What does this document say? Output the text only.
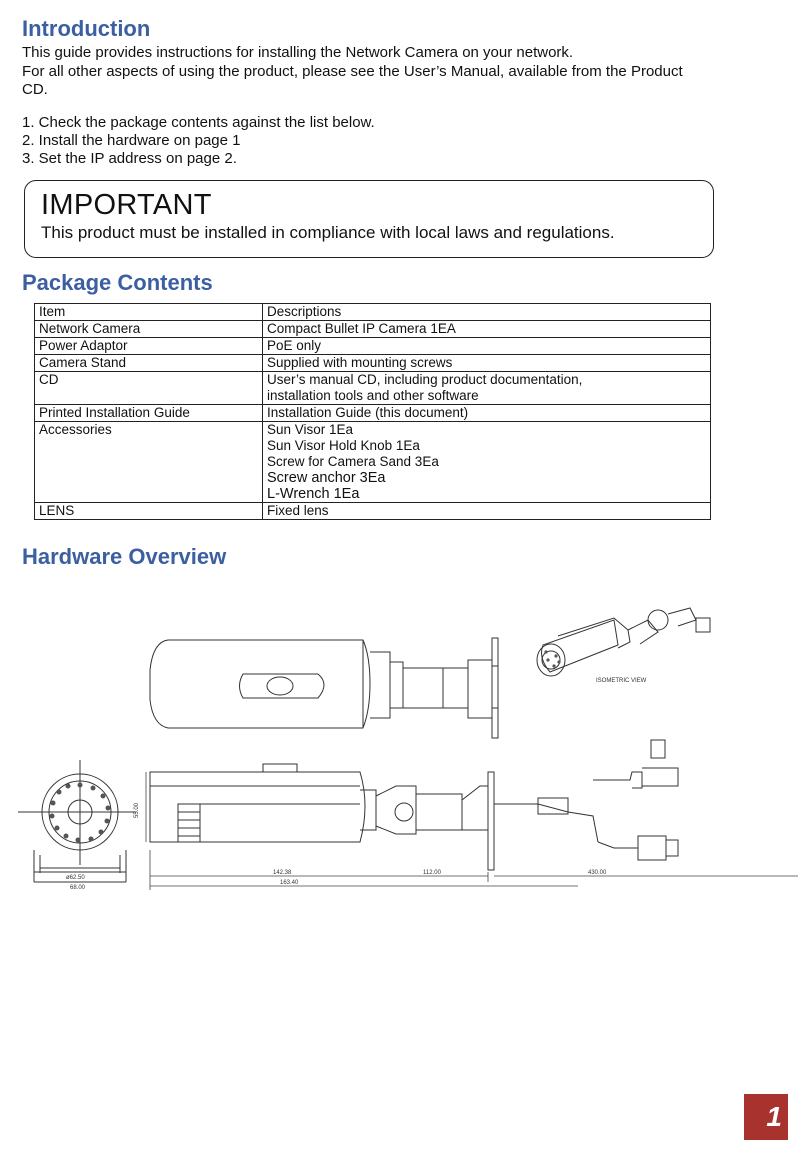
Introduction
This guide provides instructions for installing the Network Camera on your network.
For all other aspects of using the product, please see the User’s Manual, available from the Product
CD.
1. Check the package contents against the list below.
2. Install the hardware on page 1
3. Set the IP address on page 2.
IMPORTANT
This product must be installed in compliance with local laws and regulations.
Package Contents
Item	Descriptions
Network Camera	Compact Bullet IP Camera 1EA

Power Adaptor	PoE only

Camera Stand	Supplied with mounting screws

CD	User’s manual CD, including product documentation,
installation tools and other software

Printed Installation Guide	Installation Guide (this document)

Accessories	Sun Visor 1Ea
Sun Visor Hold Knob 1Ea
Screw for Camera Sand 3Ea
Screw anchor 3Ea
L-Wrench 1Ea

LENS	Fixed lens
Hardware Overview
ISOMETRIC VIEW
142.38
163.40
112.00	430.00
ø62.50
68.00
55.00
1
